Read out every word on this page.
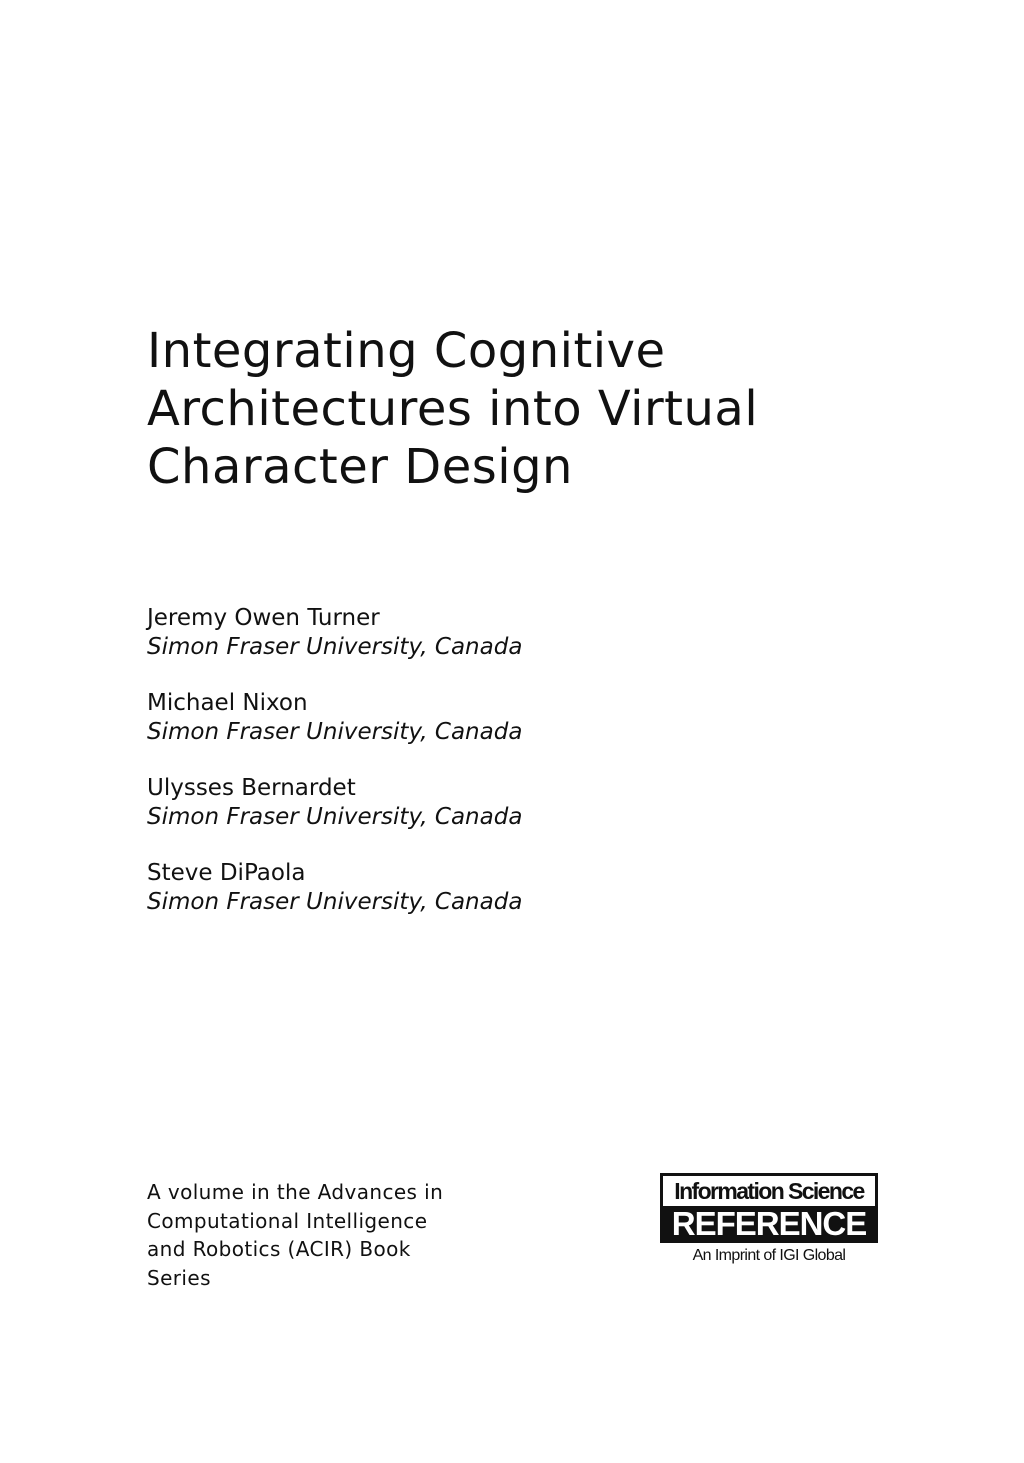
Integrating Cognitive
Architectures into Virtual
Character Design
Jeremy Owen Turner
Simon Fraser University, Canada
Michael Nixon
Simon Fraser University, Canada
Ulysses Bernardet
Simon Fraser University, Canada
Steve DiPaola
Simon Fraser University, Canada
A volume in the Advances in
Computational Intelligence
and Robotics (ACIR) Book
Series
Information Science
REFERENCE
An Imprint of IGI Global
